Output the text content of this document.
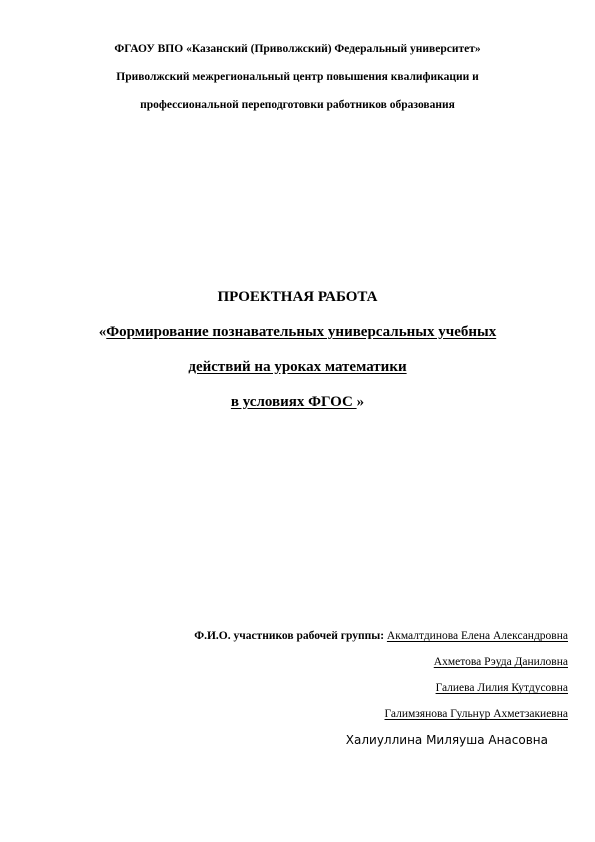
ФГАОУ ВПО «Казанский (Приволжский) Федеральный университет»
Приволжский межрегиональный центр повышения квалификации и
профессиональной переподготовки работников образования
ПРОЕКТНАЯ РАБОТА
«Формирование познавательных универсальных учебных
действий на уроках математики
в условиях ФГОС »
Ф.И.О. участников рабочей группы: Акмалтдинова Елена Александровна
Ахметова Рэуда Даниловна
Галиева Лилия Кутдусовна
Галимзянова Гульнур Ахметзакиевна
Халиуллина Миляуша Анасовна
